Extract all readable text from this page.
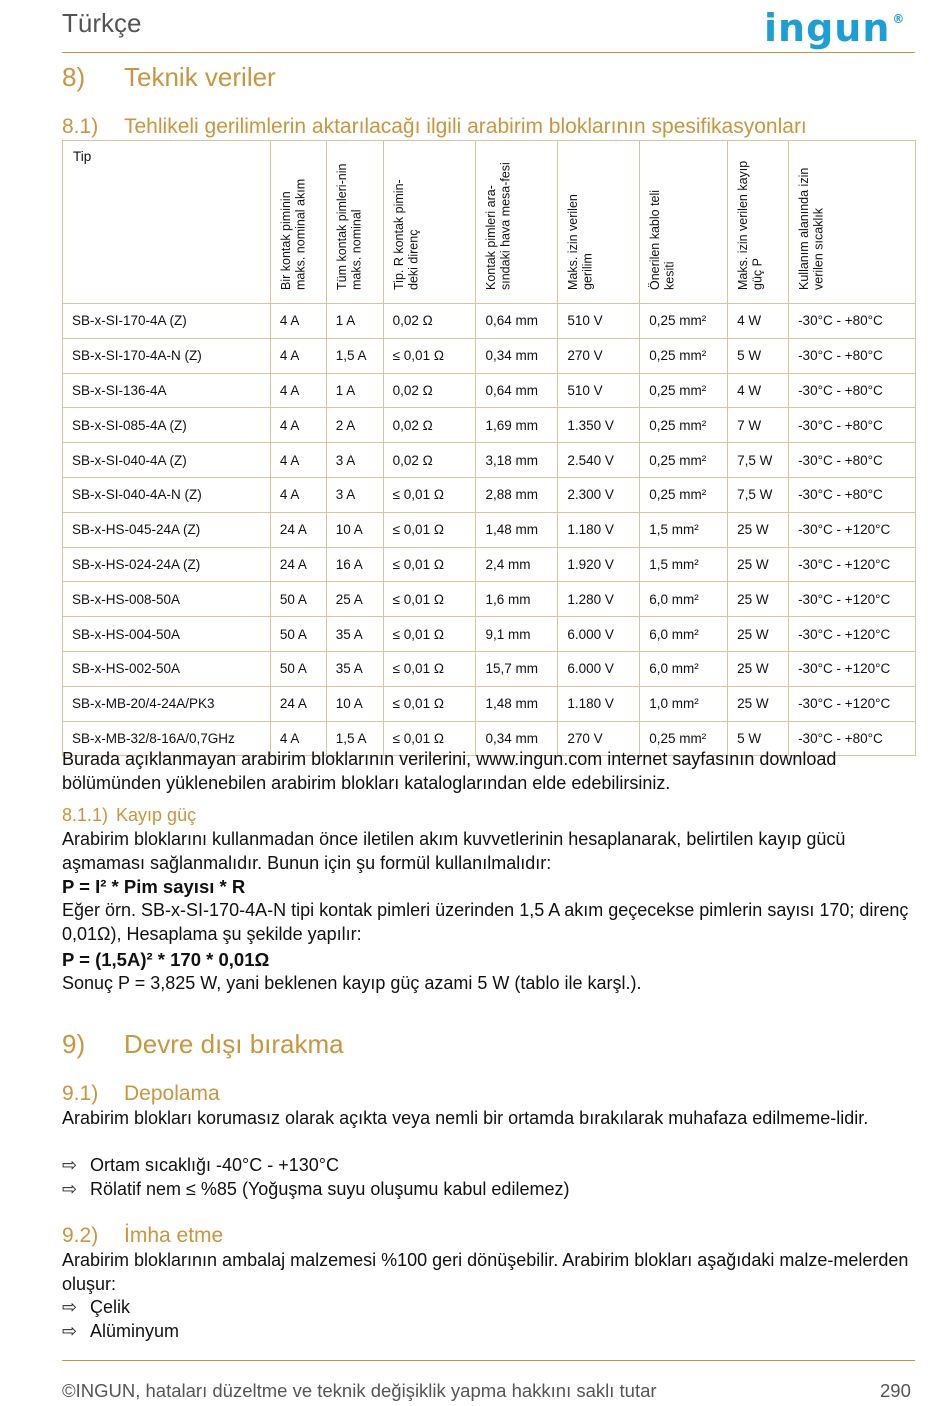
Türkçe	ingun ®
8) Teknik veriler
8.1) Tehlikeli gerilimlerin aktarılacağı ilgili arabirim bloklarının spesifikasyonları
Tip	Bir kontak piminin maks. nominal akım	Tüm kontak pimleri-nin maks. nominal	Tip. R kontak pimin-deki direnç	Kontak pimleri ara-sındaki hava mesa-fesi	Maks. izin verilen gerilim	Önerilen kablo teli kesiti	Maks. izin verilen kayıp güç P	Kullanım alanında izin verilen sıcaklık
SB-x-SI-170-4A (Z)	4 A	1 A	0,02 Ω	0,64 mm	510 V	0,25 mm²	4 W	-30°C - +80°C
SB-x-SI-170-4A-N (Z)	4 A	1,5 A	≤ 0,01 Ω	0,34 mm	270 V	0,25 mm²	5 W	-30°C - +80°C
SB-x-SI-136-4A	4 A	1 A	0,02 Ω	0,64 mm	510 V	0,25 mm²	4 W	-30°C - +80°C
SB-x-SI-085-4A (Z)	4 A	2 A	0,02 Ω	1,69 mm	1.350 V	0,25 mm²	7 W	-30°C - +80°C
SB-x-SI-040-4A (Z)	4 A	3 A	0,02 Ω	3,18 mm	2.540 V	0,25 mm²	7,5 W	-30°C - +80°C
SB-x-SI-040-4A-N (Z)	4 A	3 A	≤ 0,01 Ω	2,88 mm	2.300 V	0,25 mm²	7,5 W	-30°C - +80°C
SB-x-HS-045-24A (Z)	24 A	10 A	≤ 0,01 Ω	1,48 mm	1.180 V	1,5 mm²	25 W	-30°C - +120°C
SB-x-HS-024-24A (Z)	24 A	16 A	≤ 0,01 Ω	2,4 mm	1.920 V	1,5 mm²	25 W	-30°C - +120°C
SB-x-HS-008-50A	50 A	25 A	≤ 0,01 Ω	1,6 mm	1.280 V	6,0 mm²	25 W	-30°C - +120°C
SB-x-HS-004-50A	50 A	35 A	≤ 0,01 Ω	9,1 mm	6.000 V	6,0 mm²	25 W	-30°C - +120°C
SB-x-HS-002-50A	50 A	35 A	≤ 0,01 Ω	15,7 mm	6.000 V	6,0 mm²	25 W	-30°C - +120°C
SB-x-MB-20/4-24A/PK3	24 A	10 A	≤ 0,01 Ω	1,48 mm	1.180 V	1,0 mm²	25 W	-30°C - +120°C
SB-x-MB-32/8-16A/0,7GHz	4 A	1,5 A	≤ 0,01 Ω	0,34 mm	270 V	0,25 mm²	5 W	-30°C - +80°C
Burada açıklanmayan arabirim bloklarının verilerini, www.ingun.com internet sayfasının download bölümünden yüklenebilen arabirim blokları kataloglarından elde edebilirsiniz.
8.1.1) Kayıp güç
Arabirim bloklarını kullanmadan önce iletilen akım kuvvetlerinin hesaplanarak, belirtilen kayıp gücü aşmaması sağlanmalıdır. Bunun için şu formül kullanılmalıdır:
P = I² * Pim sayısı * R
Eğer örn. SB-x-SI-170-4A-N tipi kontak pimleri üzerinden 1,5 A akım geçecekse pimlerin sayısı 170; direnç 0,01Ω), Hesaplama şu şekilde yapılır:
P = (1,5A)² * 170 * 0,01Ω
Sonuç P = 3,825 W, yani beklenen kayıp güç azami 5 W (tablo ile karşl.).
9) Devre dışı bırakma
9.1) Depolama
Arabirim blokları korumasız olarak açıkta veya nemli bir ortamda bırakılarak muhafaza edilmeme-lidir.
⇨ Ortam sıcaklığı -40°C - +130°C
⇨ Rölatif nem ≤ %85 (Yoğuşma suyu oluşumu kabul edilemez)
9.2) İmha etme
Arabirim bloklarının ambalaj malzemesi %100 geri dönüşebilir. Arabirim blokları aşağıdaki malze-melerden oluşur:
⇨ Çelik
⇨ Alüminyum
©INGUN, hataları düzeltme ve teknik değişiklik yapma hakkını saklı tutar	290
